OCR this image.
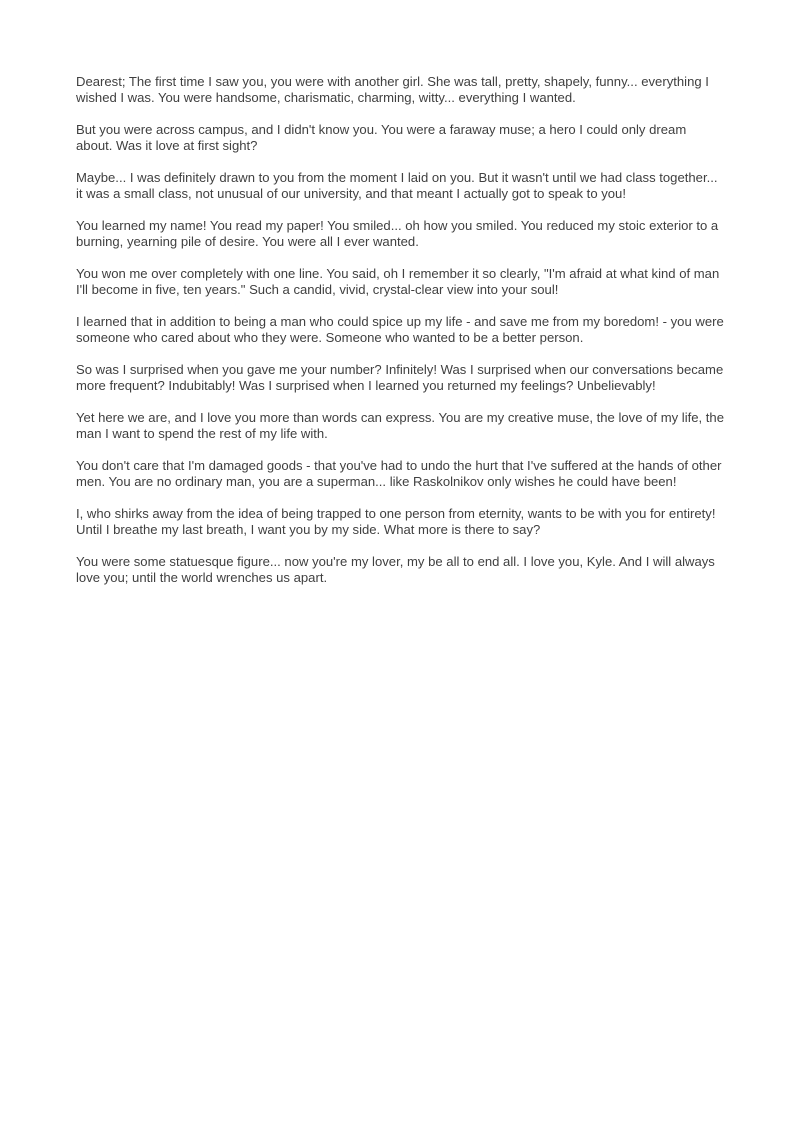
Dearest; The first time I saw you, you were with another girl. She was tall, pretty, shapely, funny... everything I wished I was. You were handsome, charismatic, charming, witty... everything I wanted.

But you were across campus, and I didn't know you. You were a faraway muse; a hero I could only dream about. Was it love at first sight?

Maybe... I was definitely drawn to you from the moment I laid on you. But it wasn't until we had class together... it was a small class, not unusual of our university, and that meant I actually got to speak to you!

You learned my name! You read my paper! You smiled... oh how you smiled. You reduced my stoic exterior to a burning, yearning pile of desire. You were all I ever wanted.

You won me over completely with one line. You said, oh I remember it so clearly, "I'm afraid at what kind of man I'll become in five, ten years." Such a candid, vivid, crystal-clear view into your soul!

I learned that in addition to being a man who could spice up my life - and save me from my boredom! - you were someone who cared about who they were. Someone who wanted to be a better person.

So was I surprised when you gave me your number? Infinitely! Was I surprised when our conversations became more frequent? Indubitably! Was I surprised when I learned you returned my feelings? Unbelievably!

Yet here we are, and I love you more than words can express. You are my creative muse, the love of my life, the man I want to spend the rest of my life with.

You don't care that I'm damaged goods - that you've had to undo the hurt that I've suffered at the hands of other men. You are no ordinary man, you are a superman... like Raskolnikov only wishes he could have been!

I, who shirks away from the idea of being trapped to one person from eternity, wants to be with you for entirety! Until I breathe my last breath, I want you by my side. What more is there to say?

You were some statuesque figure... now you're my lover, my be all to end all. I love you, Kyle. And I will always love you; until the world wrenches us apart.
